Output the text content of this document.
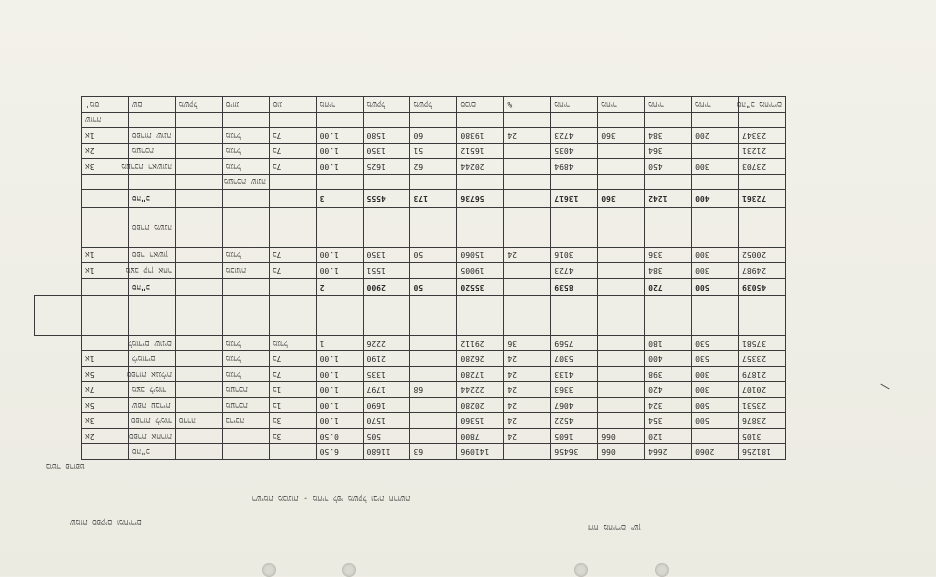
181256	2060	2664	066	36456		141096	63	11680	6.50				סה"כ		
3105		120	066	1605	24	7800		505	0.50	3ב			ספרת אחרות	2א	
23876	500	354		4522	24	15360		1570	1.00	3ב	בריכה	סדרה	ספרות לימוד	3א	
23531	500	324		4067	24	20280		1690	1.00	1ב	מערכת		שפה עברית	5א	
20107	300	420		3363	24	22244	68	1797	1.00	1ב	מערכת		מצב לימוד	7א	
21879	300	398		4133	24	17280		1335	1.00	7ב	מגדל		ספרות אנגלית	5א	
23357	530	400		5307	24	26280		2190	1.00	7ב	מגדל		לימודים	1א	
37581	530	180		7569	36	29112		2226	1	מגדל	מגדל		למודים שונים		

45039	500	720		8539		35520	50	2900	2				סה"כ		
24987	300	384		4723		19005		1551	1.00	7ב	מכונות		מצב קרן אחר	1א	
20052	300	336		3016	24	15060	50	1350	1.00	7ב	מגדל		ספר ראשון	1א	
													ספרת משנה		
72361	400	1242	360	13617		56736	173	4555	3				סה"כ		
											מערכת שונה				
23703	300	450		4894		20244	62	1625	1.00	7ב	מגדל		מערכת ראשונה	3א	
21231		364		4035		16512	51	1350	1.00	7ב	מגדל		מערכת	2א	
23347	200	384	360	4723	24	19380	60	1580	1.00	7ב	מגדל		ספרות שונה	1א	
														שורה	
סה"כ מחירים	מחיר	מחיר	מחיר	מחיר	%	סכום	משקל	משקל	מחיר	סוג	סיווג	משקל	שם	מס'	
בוטר פרופט
רשימת מכונות - מחיר לפי משקל ובית חרושת
שמות ספקים ומחירים
דוח מחירים ישן
